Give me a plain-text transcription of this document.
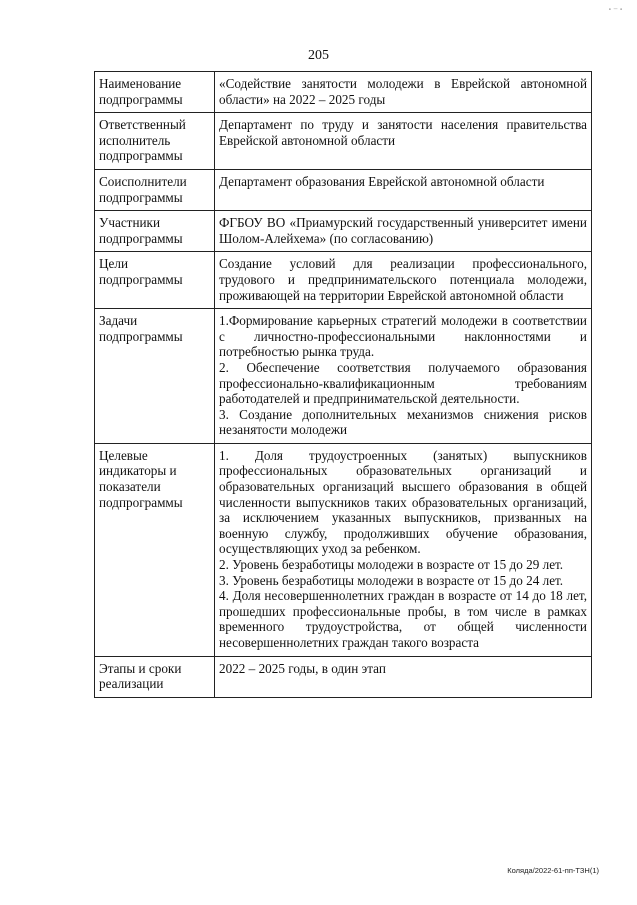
∙ ─ ∙
205
Наименование подпрограммы	«Содействие занятости молодежи в Еврейской автономной области» на 2022 – 2025 годы

Ответственный исполнитель подпрограммы	Департамент по труду и занятости населения правительства Еврейской автономной области

Соисполнители подпрограммы	Департамент образования Еврейской автономной области

Участники подпрограммы	ФГБОУ ВО «Приамурский государственный университет имени Шолом-Алейхема» (по согласованию)

Цели подпрограммы	Создание условий для реализации профессионального, трудового и предпринимательского потенциала молодежи, проживающей на территории Еврейской автономной области

Задачи подпрограммы	1.Формирование карьерных стратегий молодежи в соответствии с личностно-профессиональными наклонностями и потребностью рынка труда.
2. Обеспечение соответствия получаемого образования профессионально-квалификационным требованиям работодателей и предпринимательской деятельности.
3. Создание дополнительных механизмов снижения рисков незанятости молодежи

Целевые индикаторы и показатели подпрограммы	1. Доля трудоустроенных (занятых) выпускников профессиональных образовательных организаций и образовательных организаций высшего образования в общей численности выпускников таких образовательных организаций, за исключением указанных выпускников, призванных на военную службу, продолживших обучение образования, осуществляющих уход за ребенком.
2. Уровень безработицы молодежи в возрасте от 15 до 29 лет.
3. Уровень безработицы молодежи в возрасте от 15 до 24 лет.
4. Доля несовершеннолетних граждан в возрасте от 14 до 18 лет, прошедших профессиональные пробы, в том числе в рамках временного трудоустройства, от общей численности несовершеннолетних граждан такого возраста

Этапы и сроки реализации	2022 – 2025 годы, в один этап
Коляда/2022-61-пп-ТЗН(1)
